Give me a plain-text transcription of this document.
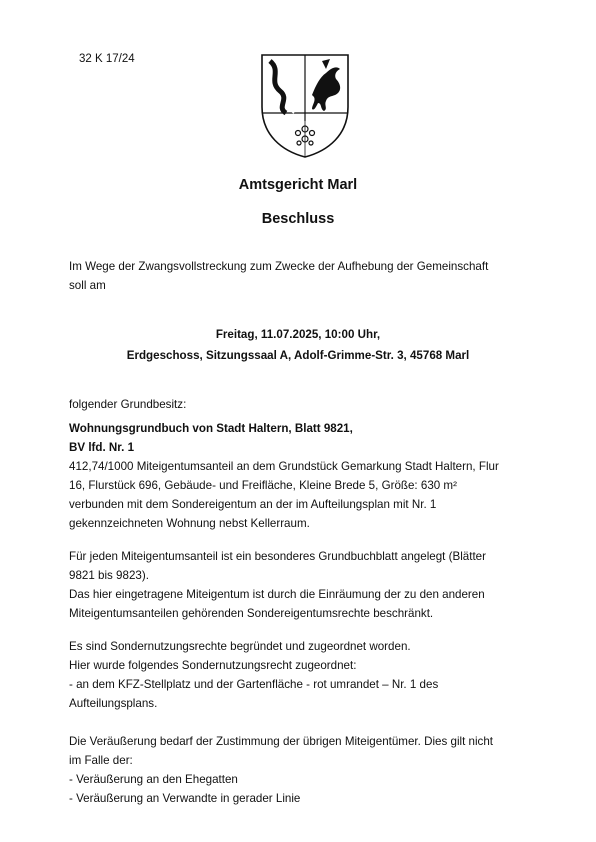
32 K 17/24
Amtsgericht Marl
Beschluss

Im Wege der Zwangsvollstreckung zum Zwecke der Aufhebung der Gemeinschaft
soll am

Freitag, 11.07.2025, 10:00 Uhr,
Erdgeschoss, Sitzungssaal A, Adolf-Grimme-Str. 3, 45768 Marl

folgender Grundbesitz:

Wohnungsgrundbuch von Stadt Haltern, Blatt 9821,
BV lfd. Nr. 1
412,74/1000 Miteigentumsanteil an dem Grundstück Gemarkung Stadt Haltern, Flur
16, Flurstück 696, Gebäude- und Freifläche, Kleine Brede 5, Größe: 630 m²
verbunden mit dem Sondereigentum an der im Aufteilungsplan mit Nr. 1
gekennzeichneten Wohnung nebst Kellerraum.

Für jeden Miteigentumsanteil ist ein besonderes Grundbuchblatt angelegt (Blätter
9821 bis 9823).
Das hier eingetragene Miteigentum ist durch die Einräumung der zu den anderen
Miteigentumsanteilen gehörenden Sondereigentumsrechte beschränkt.

Es sind Sondernutzungsrechte begründet und zugeordnet worden.
Hier wurde folgendes Sondernutzungsrecht zugeordnet:
- an dem KFZ-Stellplatz und der Gartenfläche - rot umrandet – Nr. 1 des
Aufteilungsplans.

Die Veräußerung bedarf der Zustimmung der übrigen Miteigentümer. Dies gilt nicht
im Falle der:
- Veräußerung an den Ehegatten
- Veräußerung an Verwandte in gerader Linie
